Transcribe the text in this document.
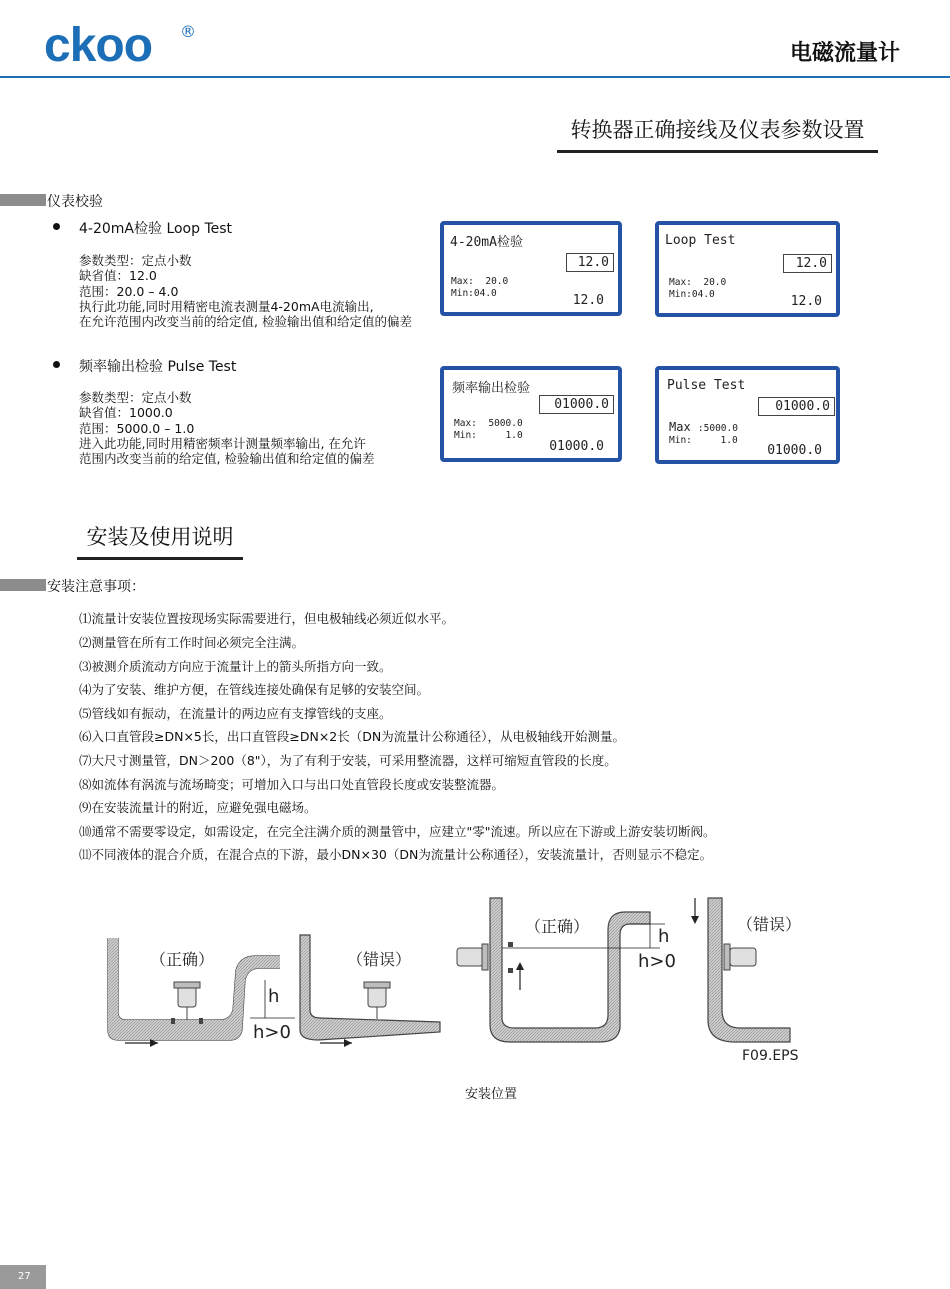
ckoo ®
电磁流量计
转换器正确接线及仪表参数设置
仪表校验
4-20mA检验 Loop Test
参数类型：定点小数
缺省值：12.0
范围：20.0 – 4.0
执行此功能,同时用精密电流表测量4-20mA电流输出,
在允许范围内改变当前的给定值, 检验输出值和给定值的偏差
频率输出检验 Pulse Test
参数类型：定点小数
缺省值：1000.0
范围：5000.0 – 1.0
进入此功能,同时用精密频率计测量频率输出, 在允许
范围内改变当前的给定值, 检验输出值和给定值的偏差
4-20mA检验
12.0
Max: 20.0
Min:04.0	12.0
Loop Test
12.0
Max: 20.0
Min:04.0	12.0
频率输出检验
01000.0
Max: 5000.0
Min:	1.0
01000.0
Pulse Test
01000.0
Max :5000.0
Min:	1.0
01000.0
安装及使用说明
安装注意事项：
⑴流量计安装位置按现场实际需要进行，但电极轴线必须近似水平。
⑵测量管在所有工作时间必须完全注满。
⑶被测介质流动方向应于流量计上的箭头所指方向一致。
⑷为了安装、维护方便，在管线连接处确保有足够的安装空间。
⑸管线如有振动，在流量计的两边应有支撑管线的支座。
⑹入口直管段≥DN×5长，出口直管段≥DN×2长（DN为流量计公称通径），从电极轴线开始测量。
⑺大尺寸测量管，DN＞200（8"），为了有利于安装，可采用整流器，这样可缩短直管段的长度。
⑻如流体有涡流与流场畸变；可增加入口与出口处直管段长度或安装整流器。
⑼在安装流量计的附近，应避免强电磁场。
⑽通常不需要零设定，如需设定，在完全注满介质的测量管中，应建立"零"流速。所以应在下游或上游安装切断阀。
⑾不同液体的混合介质，在混合点的下游，最小DN×30（DN为流量计公称通径），安装流量计，否则显示不稳定。
（正确）
h
h>0
（错误）
（正确）	h
h>0
（错误）
F09.EPS
安装位置
27
